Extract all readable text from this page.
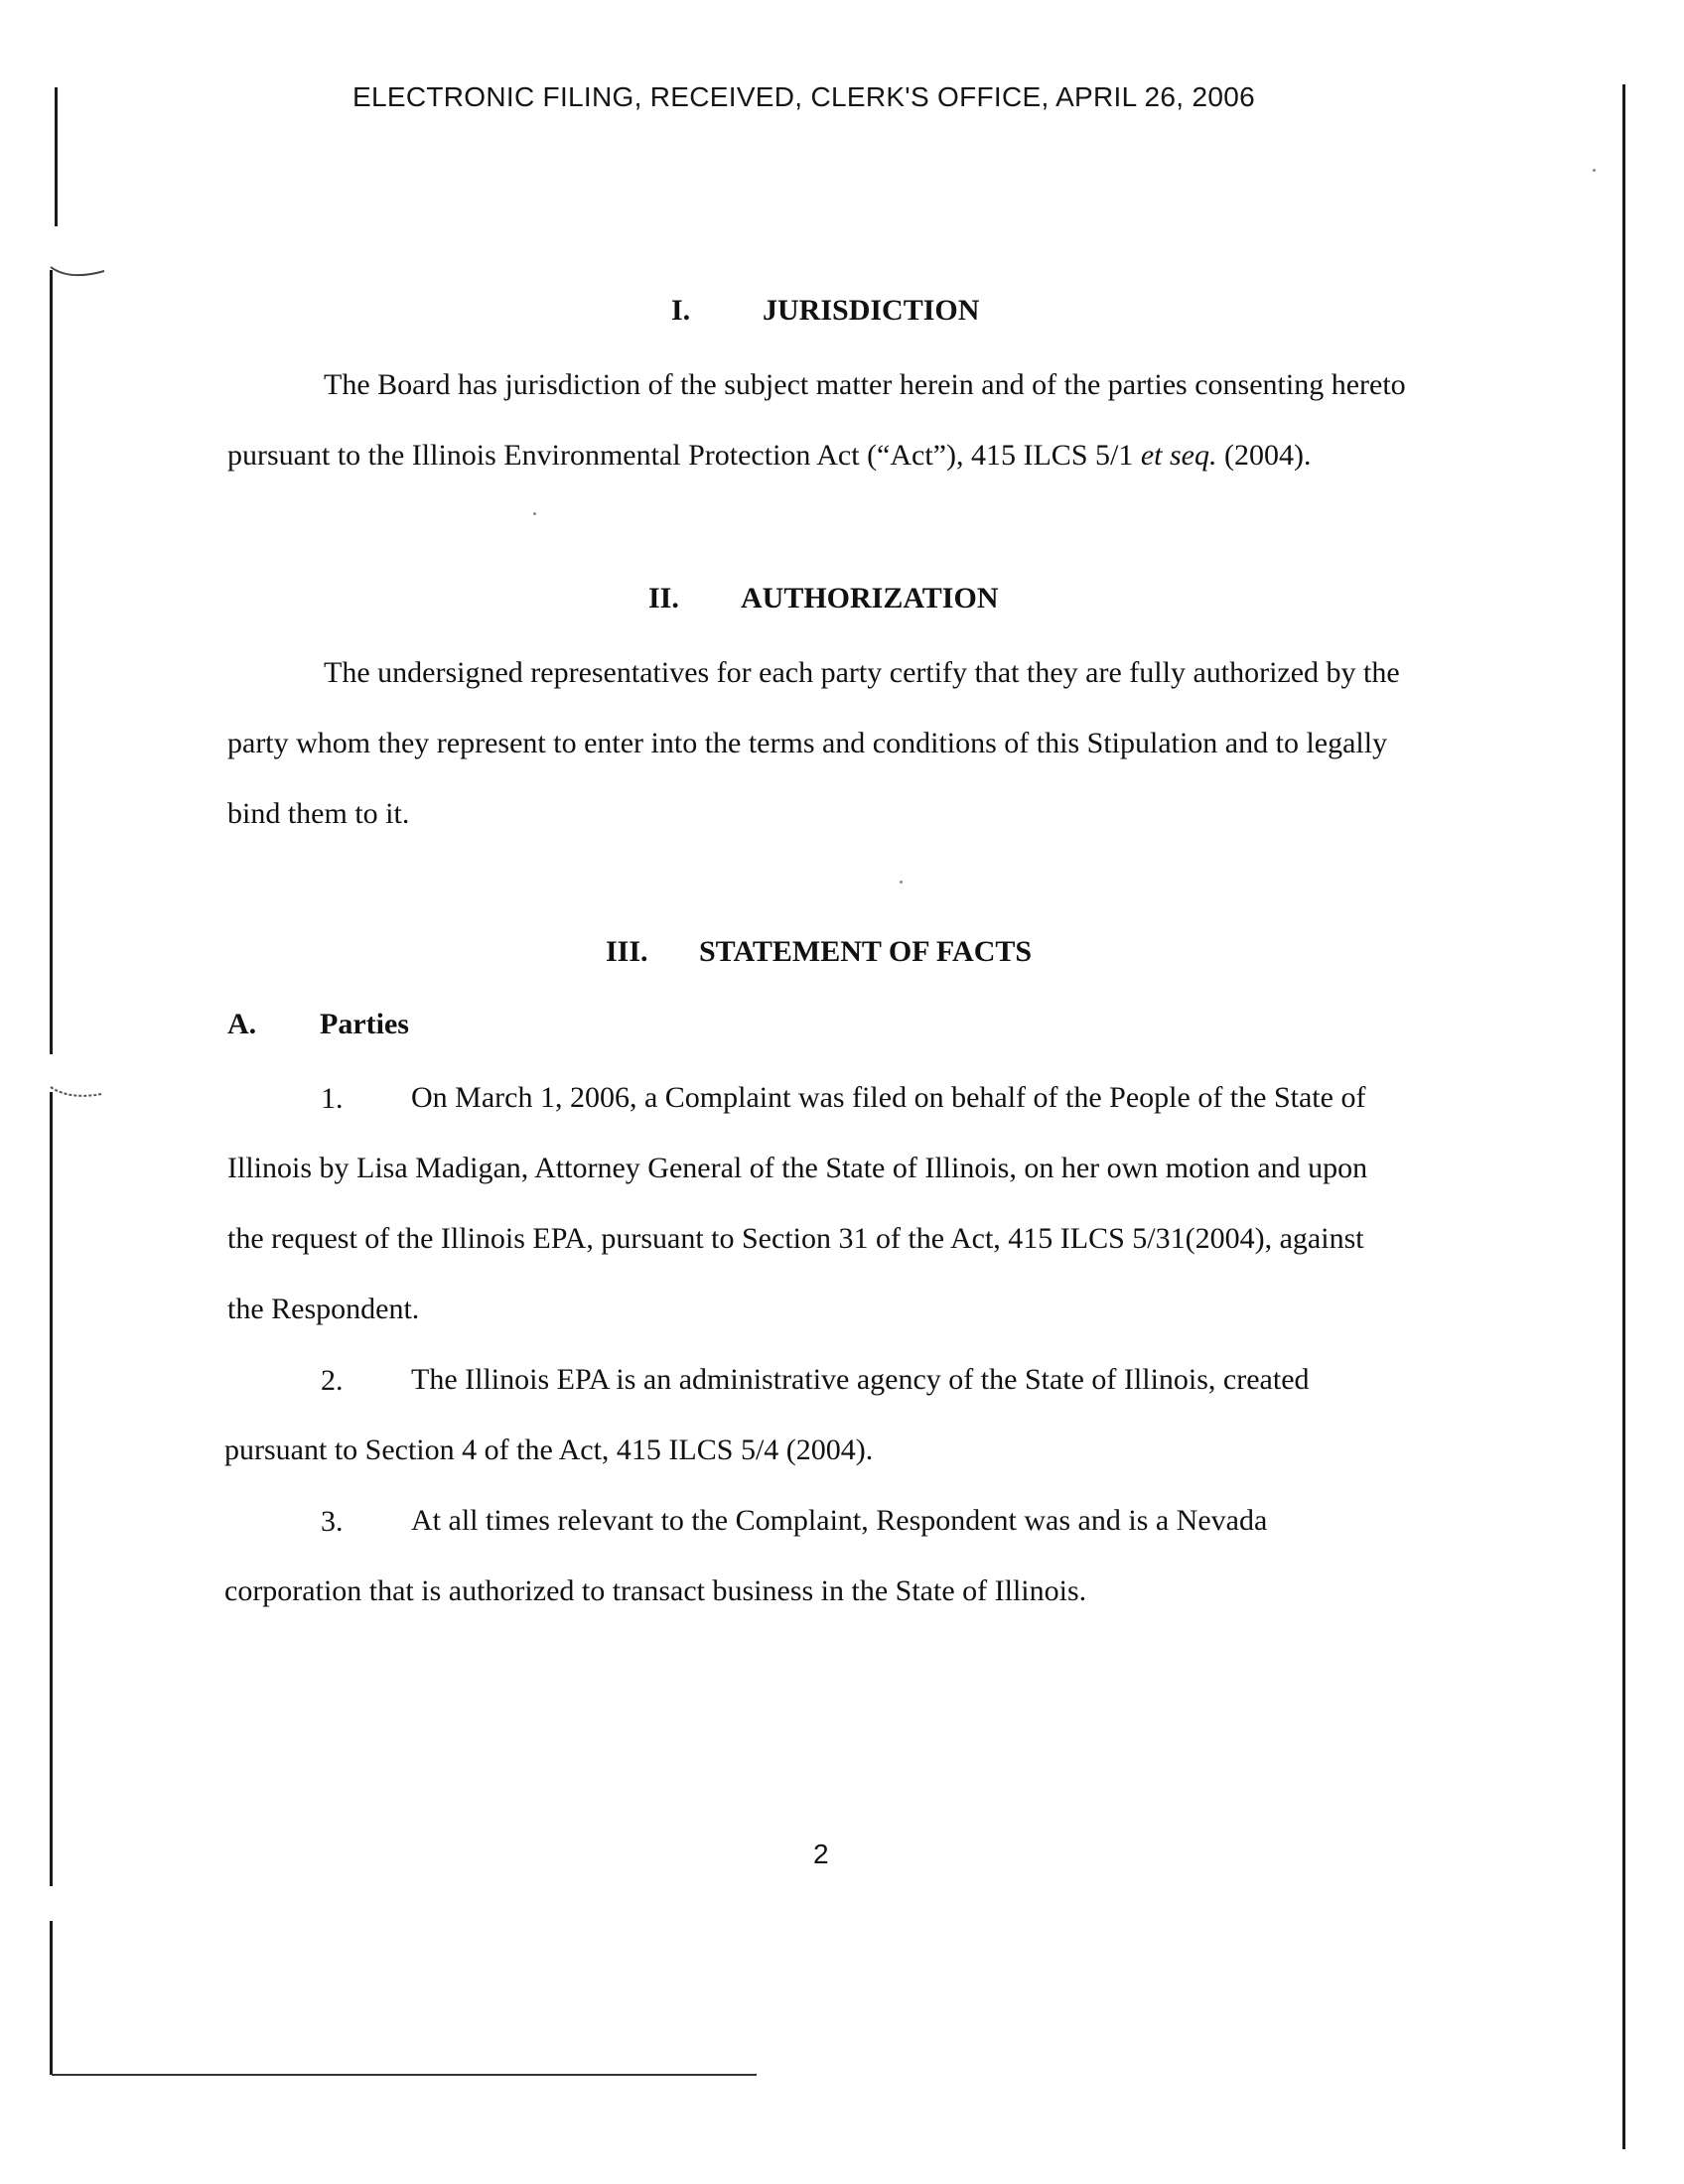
ELECTRONIC FILING, RECEIVED, CLERK'S OFFICE, APRIL 26, 2006
I. JURISDICTION
The Board has jurisdiction of the subject matter herein and of the parties consenting hereto
pursuant to the Illinois Environmental Protection Act (“Act”), 415 ILCS 5/1 et seq. (2004).
II. AUTHORIZATION
The undersigned representatives for each party certify that they are fully authorized by the
party whom they represent to enter into the terms and conditions of this Stipulation and to legally
bind them to it.
III. STATEMENT OF FACTS
A. Parties
1. On March 1, 2006, a Complaint was filed on behalf of the People of the State of
Illinois by Lisa Madigan, Attorney General of the State of Illinois, on her own motion and upon
the request of the Illinois EPA, pursuant to Section 31 of the Act, 415 ILCS 5/31(2004), against
the Respondent.
2. The Illinois EPA is an administrative agency of the State of Illinois, created
pursuant to Section 4 of the Act, 415 ILCS 5/4 (2004).
3. At all times relevant to the Complaint, Respondent was and is a Nevada
corporation that is authorized to transact business in the State of Illinois.
2
